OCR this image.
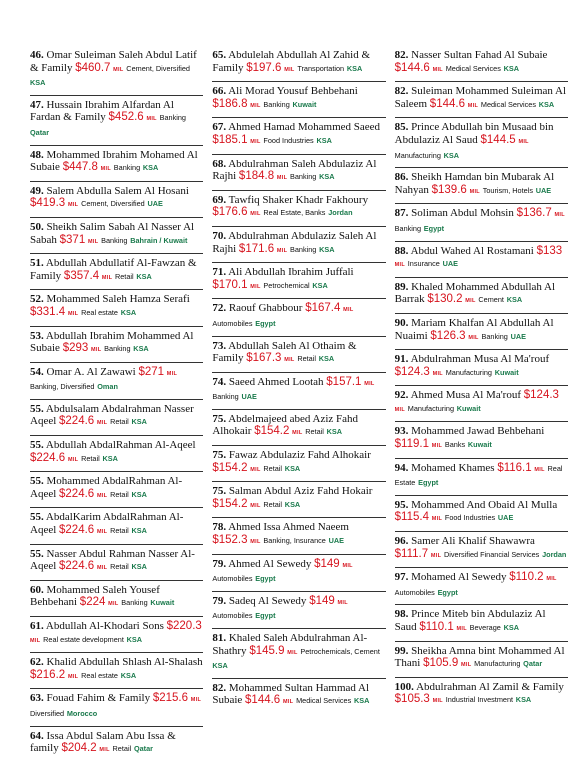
46. Omar Suleiman Saleh Abdul Latif & Family $460.7 MIL Cement, Diversified KSA
47. Hussain Ibrahim Alfardan Al Fardan & Family $452.6 MIL Banking Qatar
48. Mohammed Ibrahim Mohamed Al Subaie $447.8 MIL Banking KSA
49. Salem Abdulla Salem Al Hosani $419.3 MIL Cement, Diversified UAE
50. Sheikh Salim Sabah Al Nasser Al Sabah $371 MIL Banking Bahrain / Kuwait
51. Abdullah Abdullatif Al-Fawzan & Family $357.4 MIL Retail KSA
52. Mohammed Saleh Hamza Serafi $331.4 MIL Real estate KSA
53. Abdullah Ibrahim Mohammed Al Subaie $293 MIL Banking KSA
54. Omar A. Al Zawawi $271 MIL Banking, Diversified Oman
55. Abdulsalam Abdalrahman Nasser Aqeel $224.6 MIL Retail KSA
55. Abdullah AbdalRahman Al-Aqeel $224.6 MIL Retail KSA
55. Mohammed AbdalRahman Al-Aqeel $224.6 MIL Retail KSA
55. AbdalKarim AbdalRahman Al-Aqeel $224.6 MIL Retail KSA
55. Nasser Abdul Rahman Nasser Al-Aqeel $224.6 MIL Retail KSA
60. Mohammed Saleh Yousef Behbehani $224 MIL Banking Kuwait
61. Abdullah Al-Khodari Sons $220.3 MIL Real estate development KSA
62. Khalid Abdullah Shlash Al-Shalash $216.2 MIL Real estate KSA
63. Fouad Fahim & Family $215.6 MIL Diversified Morocco
64. Issa Abdul Salam Abu Issa & family $204.2 MIL Retail Qatar
65. Abdulelah Abdullah Al Zahid & Family $197.6 MIL Transportation KSA
66. Ali Morad Yousuf Behbehani $186.8 MIL Banking Kuwait
67. Ahmed Hamad Mohammed Saeed $185.1 MIL Food Industries KSA
68. Abdulrahman Saleh Abdulaziz Al Rajhi $184.8 MIL Banking KSA
69. Tawfiq Shaker Khadr Fakhoury $176.6 MIL Real Estate, Banks Jordan
70. Abdulrahman Abdulaziz Saleh Al Rajhi $171.6 MIL Banking KSA
71. Ali Abdullah Ibrahim Juffali $170.1 MIL Petrochemical KSA
72. Raouf Ghabbour $167.4 MIL Automobiles Egypt
73. Abdullah Saleh Al Othaim & Family $167.3 MIL Retail KSA
74. Saeed Ahmed Lootah $157.1 MIL Banking UAE
75. Abdelmajeed abed Aziz Fahd Alhokair $154.2 MIL Retail KSA
75. Fawaz Abdulaziz Fahd Alhokair $154.2 MIL Retail KSA
75. Salman Abdul Aziz Fahd Hokair $154.2 MIL Retail KSA
78. Ahmed Issa Ahmed Naeem $152.3 MIL Banking, Insurance UAE
79. Ahmed Al Sewedy $149 MIL Automobiles Egypt
79. Sadeq Al Sewedy $149 MIL Automobiles Egypt
81. Khaled Saleh Abdulrahman Al-Shathry $145.9 MIL Petrochemicals, Cement KSA
82. Mohammed Sultan Hammad Al Subaie $144.6 MIL Medical Services KSA
82. Nasser Sultan Fahad Al Subaie $144.6 MIL Medical Services KSA
82. Suleiman Mohammed Suleiman Al Saleem $144.6 MIL Medical Services KSA
85. Prince Abdullah bin Musaad bin Abdulaziz Al Saud $144.5 MIL Manufacturing KSA
86. Sheikh Hamdan bin Mubarak Al Nahyan $139.6 MIL Tourism, Hotels UAE
87. Soliman Abdul Mohsin $136.7 MIL Banking Egypt
88. Abdul Wahed Al Rostamani $133 MIL Insurance UAE
89. Khaled Mohammed Abdullah Al Barrak $130.2 MIL Cement KSA
90. Mariam Khalfan Al Abdullah Al Nuaimi $126.3 MIL Banking UAE
91. Abdulrahman Musa Al Ma'rouf $124.3 MIL Manufacturing Kuwait
92. Ahmed Musa Al Ma'rouf $124.3 MIL Manufacturing Kuwait
93. Mohammed Jawad Behbehani $119.1 MIL Banks Kuwait
94. Mohamed Khames $116.1 MIL Real Estate Egypt
95. Mohammed And Obaid Al Mulla $115.4 MIL Food Industries UAE
96. Samer Ali Khalif Shawawra $111.7 MIL Diversified Financial Services Jordan
97. Mohamed Al Sewedy $110.2 MIL Automobiles Egypt
98. Prince Miteb bin Abdulaziz Al Saud $110.1 MIL Beverage KSA
99. Sheikha Amna bint Mohammed Al Thani $105.9 MIL Manufacturing Qatar
100. Abdulrahman Al Zamil & Family $105.3 MIL Industrial Investment KSA
